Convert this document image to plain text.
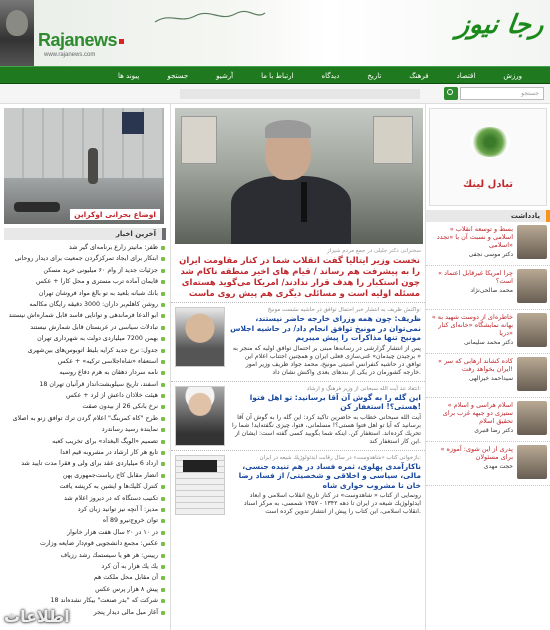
Rajanews
www.rajanews.com
رجا نيوز
ورزش
اقتصاد
فرهنگ
تاريخ
ديدگاه
ارتباط با ما
آرشيو
جستجو
پيوند ها
جستجو
اوضاع بحرانى اوكراين
آخرين اخبار
ظفر: مانيتر زارع برنامه‌اى گير شد
ابتكار براى ايجاد تمركزگردن جمعيت براى ديدار روحانى
جزئيات جديد از وام ۶۰ ميليونى خريد مسكن
قايمان آماده ترب مسترى و محل كارا + عكس
بانك شبانه بلعيد به تو بالغ مواد فروشان تهران
روشن كاهلم‌بر‌ داران: 3000 دقيقه رايگان مكالمه
ابو الدعا فرماندهى و توانايى فاسد قابل شماره‌اش نيستند
تبادلات سياسى در عربستان قابل شمارش نيستند
بهمن 7200 ميلياردى دولت به شهرداری تهران
جدول: نرخ جديد كرايه بليط اتوبوس‌هاى بين‌شهرى
استعفاء «شاه‌اجلاسى تركيه» + عكس
نامه سردار دهقان به هرم دفاع روسيه
18 اسفند، تاريخ سيلوبشت‌انداز قرآنيان تهران
هيئت خلاذان داعش از لرد + عكس
نرخ بانكى 26 از بيدون صقت
طرح "كاه كمربنگ" اعلام گردن ترك توافق زنو به اصلاى
نماينده رسيد رساندرد
تصميم «الويگ البغداد» براى تخريب كعبه
تابع هر كار ارشاد در مشروبه قيم افدا
ارداد 6 ميلياردى عقد براى ولى و فقرا مدت تاييد شد
انضار مقابل كاخ رياست‌جمهورى پهن
كنترل كليك‌ها و ايشين به كريشه يافت
تكنيب دستگاه كه در ديروز اعلام شد
مدير: آ آنچه نيز توانيد زبان كرد
توان خروج‌نيرو 89 آه
در ۱۰ در ۲۰ سال هفت هزار خانوار
عكس: مجمع دانشجويى قوم‌دار ضايعه وزارت
رييس: هر هو يا سيستمك رشد رزياف
يك يك هزار به آن كرد
آن مقابل محل ملكت هم
پيش ۸ هزار پرس عكس
18 شركت كه "بدر صنعت" بيكار نشده‌اند
آغاز ميل مالى ديدار پنجر
سخنرانى دكتر جليلى در جمع مردم شيراز
نخست وزير ايتاليا گفت انقلاب شما در كنار مقاومت ايران را به پيشرفت هم رساند / قيام هاى اخير منطقه ناكام شد چون استكبار را هدف قرار ندادند/ امريكا مى‌گويد هسته‌اى مسئله اوليه است و مسائلى ديگرى هم پيش روى ماست
واكنش ظريف به انتشار خبر احتمال توافق در حاشيه نشست مونيخ:
ظريف: چون همه وزراى خارجه حاضر نيستند، نمى‌توان در مونيخ توافق انجام داد/ در حاشيه اجلاس مونيخ تنها مذاكرات را پيش ميبريم
پس از انتشار گزارشى در رسانه‌ها مبنى بر احتمال توافق اوليه كه منجر به « برجيدن چيدمان» غنى‌سازى فعلى ايران و همچنين اجتناب اعلام اين توافق در حاشيه كنفرانس امنيتى مونيخ، محمد جواد ظريف وزير امور خارجه كشورمان در يكى از بندهاى بعدى واكنش نشان داد.
انتقاد تند آيت الله سبحانى از وزير فرهنگ و ارشاد:
اين گله را به گوش آن آقا برسانيد: تو اهل فتوا هستى؟! استغفار كن!
آيت الله سبحانى خطاب به حاضرين تاكيد كرد: اين گله را به گوش آن آقا برسانيد كه آيا تو اهل فتوا هستى؟! مسلمانى، فتوا، چيزى نگفته‌ايد! شما را تحريك كرده‌اند. استغفار كن. اينكه شما بگوييد كسى گفته است: ايشان از اين كار استغفار كند.
بازخوانى كتاب «شاهدوست» در سال رقابت ايدئولوژيك شيعه در ايران:
ناكارآمدى پهلوى، ثمره فساد در هم تنيده جنسى، مالى، سياسى و اخلاقى و شخصيتى/ از فساد رضا خان تا مشروب خوارى شاه
رونمايى از كتاب « شاهدوست» در كنار تاريخ انقلاب اسلامى و ابعاد ايدئولوژيك شيعه در ايران تا دهه ۱۳۴۲ - ۱۳۵۷ شمسى، به مركز اسناد انقلاب اسلامى، اين كتاب را پيش از انتشار تدوين كرده است.
تبادل لينك
يادداشت
« بسط و توسعه انقلاب اسلامى و نسبت آن با «تجدد اسلامى»
دكتر موسى نجفى
« چرا امريكا غيرقابل اعتماد است؟
محمد صالحى‌نژاد
« خاطره‌اى از دوست شهيد به بهانه نمايشگاه «خانه‌اى كنار دريا»
دكتر محمد سليمانى
« كاده كشاند ارهابى كه سر ايران بخواهد رفت!
سيداحمد خيرالهى
« اسلام هراسى و اسلام ستيزى دو جبهه غرب براى تحقيق اسلام
دكتر رضا قنبرى
« پدرى از اين شوى: آموزه برای مسئولان
حجت مهدى
اطلاعات
